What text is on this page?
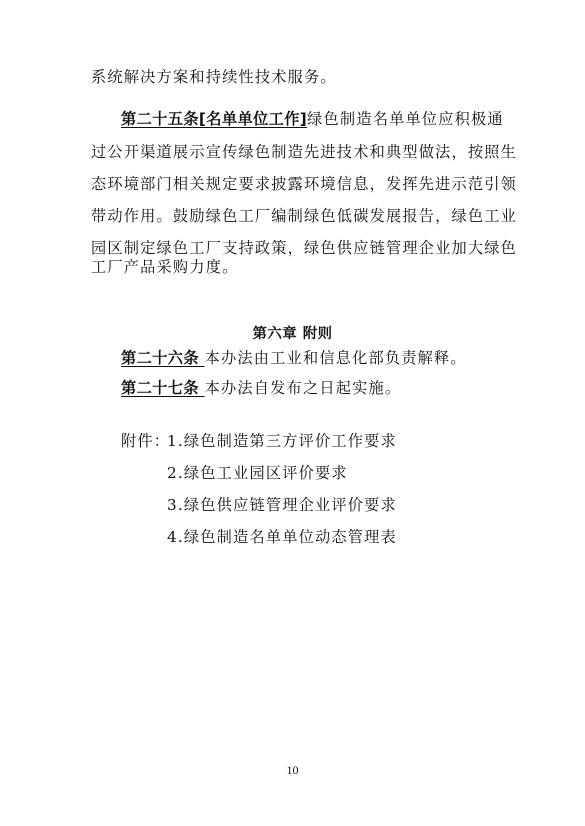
系统解决方案和持续性技术服务。
第二十五条[名单单位工作]绿色制造名单单位应积极通
过公开渠道展示宣传绿色制造先进技术和典型做法，按照生
态环境部门相关规定要求披露环境信息，发挥先进示范引领
带动作用。鼓励绿色工厂编制绿色低碳发展报告，绿色工业
园区制定绿色工厂支持政策，绿色供应链管理企业加大绿色
工厂产品采购力度。
第六章 附则
第二十六条 本办法由工业和信息化部负责解释。
第二十七条 本办法自发布之日起实施。
附件：
1.绿色制造第三方评价工作要求
2.绿色工业园区评价要求
3.绿色供应链管理企业评价要求
4.绿色制造名单单位动态管理表
10
